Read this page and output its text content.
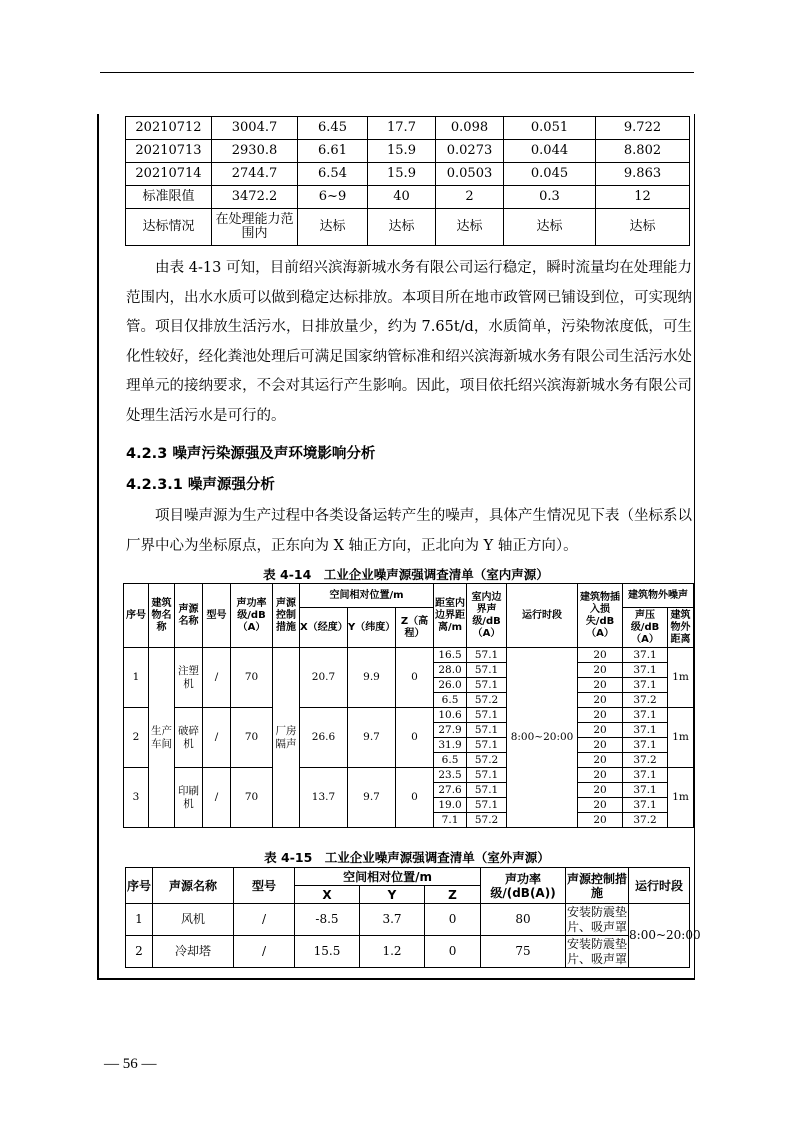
20210712	3004.7	6.45	17.7	0.098	0.051	9.722
20210713	2930.8	6.61	15.9	0.0273	0.044	8.802
20210714	2744.7	6.54	15.9	0.0503	0.045	9.863
标准限值	3472.2	6~9	40	2	0.3	12
达标情况	在处理能力范围内	达标	达标	达标	达标	达标
由表 4-13 可知，目前绍兴滨海新城水务有限公司运行稳定，瞬时流量均在处理能力范围内，出水水质可以做到稳定达标排放。本项目所在地市政管网已铺设到位，可实现纳管。项目仅排放生活污水，日排放量少，约为 7.65t/d，水质简单，污染物浓度低，可生化性较好，经化粪池处理后可满足国家纳管标准和绍兴滨海新城水务有限公司生活污水处理单元的接纳要求，不会对其运行产生影响。因此，项目依托绍兴滨海新城水务有限公司处理生活污水是可行的。
4.2.3 噪声污染源强及声环境影响分析
4.2.3.1 噪声源强分析
项目噪声源为生产过程中各类设备运转产生的噪声，具体产生情况见下表（坐标系以厂界中心为坐标原点，正东向为 X 轴正方向，正北向为 Y 轴正方向）。
表 4-14　工业企业噪声源强调查清单（室内声源）
序号	建筑物名称	声源名称	型号	声功率级/dB（A）	声源控制措施	空间相对位置/m			距室内边界距离/m	室内边界声级/dB（A）	运行时段	建筑物插入损失/dB（A）	建筑物外噪声	
						X（经度）	Y（纬度）	Z（高程）					声压级/dB（A）	建筑物外距离

1	生产车间	注塑机	/	70	厂房隔声	20.7	9.9	0	16.5	57.1	8:00~20:00	20	37.1	1m
									28.0	57.1		20	37.1	
									26.0	57.1		20	37.1	
									6.5	57.2		20	37.2	
2		破碎机	/	70		26.6	9.7	0	10.6	57.1		20	37.1	1m
									27.9	57.1		20	37.1	
									31.9	57.1		20	37.1	
									6.5	57.2		20	37.2	
3		印刷机	/	70		13.7	9.7	0	23.5	57.1		20	37.1	1m
									27.6	57.1		20	37.1	
									19.0	57.1		20	37.1	
									7.1	57.2		20	37.2	
表 4-15　工业企业噪声源强调查清单（室外声源）
序号	声源名称	型号	空间相对位置/m			声功率级/(dB(A))	声源控制措施	运行时段
			X	Y	Z			
1	风机	/	-8.5	3.7	0	80	安装防震垫片、吸声罩	8:00~20:00
2	冷却塔	/	15.5	1.2	0	75	安装防震垫片、吸声罩	
— 56 —
